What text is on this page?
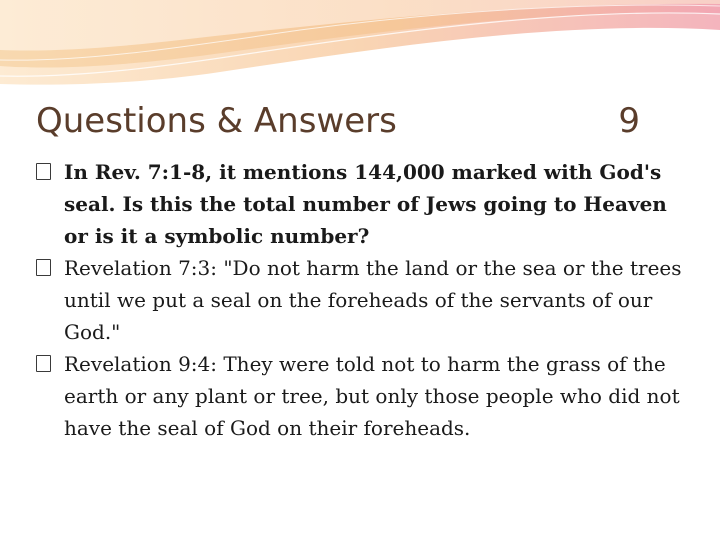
Questions & Answers	9
In Rev. 7:1-8, it mentions 144,000 marked with God's seal. Is this the total number of Jews going to Heaven or is it a symbolic number?
Revelation 7:3: "Do not harm the land or the sea or the trees until we put a seal on the foreheads of the servants of our God."
Revelation 9:4: They were told not to harm the grass of the earth or any plant or tree, but only those people who did not have the seal of God on their foreheads.
